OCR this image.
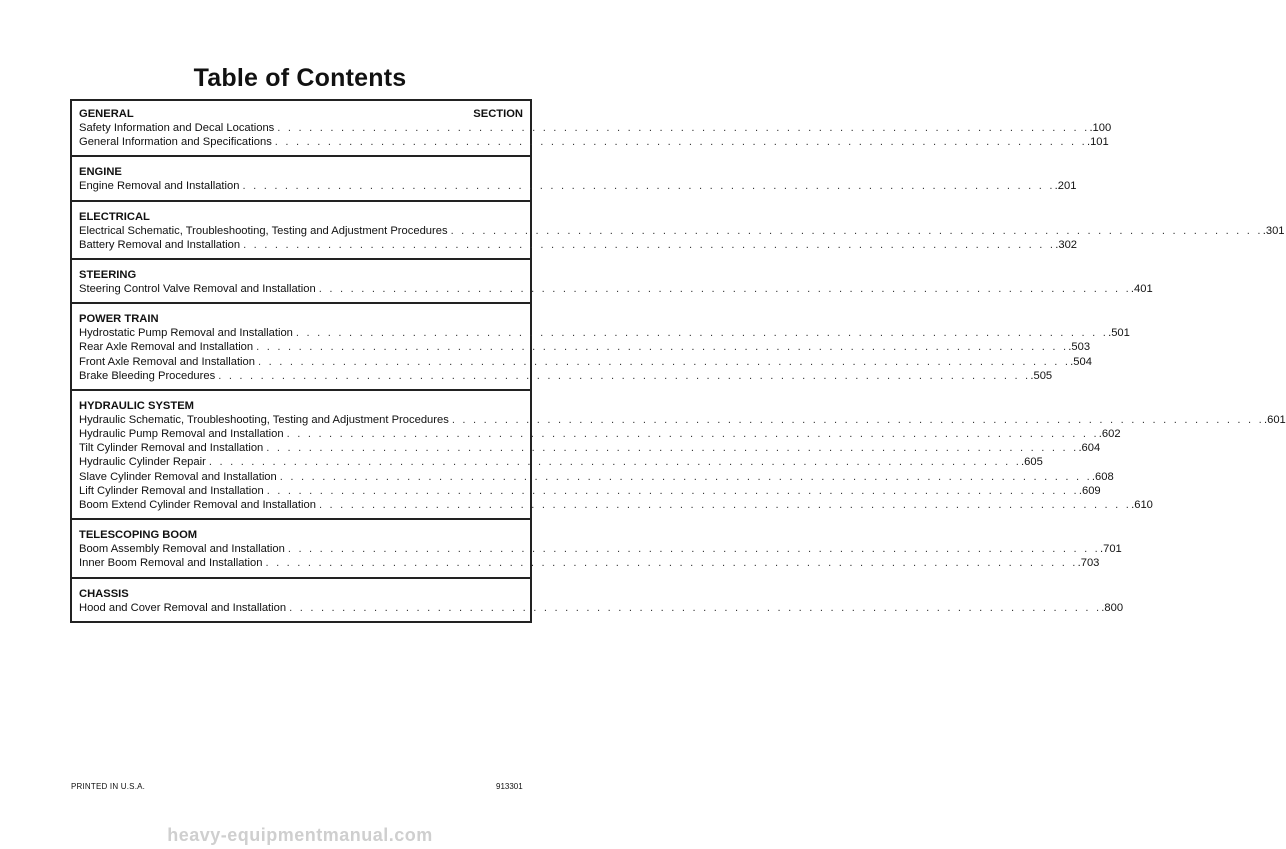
Table of Contents
GENERAL	SECTION
Safety Information and Decal Locations . . . . . . . . . . . . . . . . . . . . . . . . . . . . . . . . . . . . . . . . . . . . . . . . . . . . . . . . . . . . . . . . . . . . . . . . . . . . . .100
General Information and Specifications . . . . . . . . . . . . . . . . . . . . . . . . . . . . . . . . . . . . . . . . . . . . . . . . . . . . . . . . . . . . . . . . . . . . . . . . . . . . . .101
ENGINE
Engine Removal and Installation . . . . . . . . . . . . . . . . . . . . . . . . . . . . . . . . . . . . . . . . . . . . . . . . . . . . . . . . . . . . . . . . . . . . . . . . . . . . . .201
ELECTRICAL
Electrical Schematic, Troubleshooting, Testing and Adjustment Procedures . . . . . . . . . . . . . . . . . . . . . . . . . . . . . . . . . . . . . . . . . . . . . . . . . . . . . . . . . . . . . . . . . . . . . . . . . . . . . .301
Battery Removal and Installation . . . . . . . . . . . . . . . . . . . . . . . . . . . . . . . . . . . . . . . . . . . . . . . . . . . . . . . . . . . . . . . . . . . . . . . . . . . . . .302
STEERING
Steering Control Valve Removal and Installation . . . . . . . . . . . . . . . . . . . . . . . . . . . . . . . . . . . . . . . . . . . . . . . . . . . . . . . . . . . . . . . . . . . . . . . . . . . . . .401
POWER TRAIN
Hydrostatic Pump Removal and Installation . . . . . . . . . . . . . . . . . . . . . . . . . . . . . . . . . . . . . . . . . . . . . . . . . . . . . . . . . . . . . . . . . . . . . . . . . . . . . .501
Rear Axle Removal and Installation . . . . . . . . . . . . . . . . . . . . . . . . . . . . . . . . . . . . . . . . . . . . . . . . . . . . . . . . . . . . . . . . . . . . . . . . . . . . . .503
Front Axle Removal and Installation . . . . . . . . . . . . . . . . . . . . . . . . . . . . . . . . . . . . . . . . . . . . . . . . . . . . . . . . . . . . . . . . . . . . . . . . . . . . . .504
Brake Bleeding Procedures . . . . . . . . . . . . . . . . . . . . . . . . . . . . . . . . . . . . . . . . . . . . . . . . . . . . . . . . . . . . . . . . . . . . . . . . . . . . . .505
HYDRAULIC SYSTEM
Hydraulic Schematic, Troubleshooting, Testing and Adjustment Procedures . . . . . . . . . . . . . . . . . . . . . . . . . . . . . . . . . . . . . . . . . . . . . . . . . . . . . . . . . . . . . . . . . . . . . . . . . . . . . .601
Hydraulic Pump Removal and Installation . . . . . . . . . . . . . . . . . . . . . . . . . . . . . . . . . . . . . . . . . . . . . . . . . . . . . . . . . . . . . . . . . . . . . . . . . . . . . .602
Tilt Cylinder Removal and Installation . . . . . . . . . . . . . . . . . . . . . . . . . . . . . . . . . . . . . . . . . . . . . . . . . . . . . . . . . . . . . . . . . . . . . . . . . . . . . .604
Hydraulic Cylinder Repair . . . . . . . . . . . . . . . . . . . . . . . . . . . . . . . . . . . . . . . . . . . . . . . . . . . . . . . . . . . . . . . . . . . . . . . . . . . . . .605
Slave Cylinder Removal and Installation . . . . . . . . . . . . . . . . . . . . . . . . . . . . . . . . . . . . . . . . . . . . . . . . . . . . . . . . . . . . . . . . . . . . . . . . . . . . . .608
Lift Cylinder Removal and Installation . . . . . . . . . . . . . . . . . . . . . . . . . . . . . . . . . . . . . . . . . . . . . . . . . . . . . . . . . . . . . . . . . . . . . . . . . . . . . .609
Boom Extend Cylinder Removal and Installation . . . . . . . . . . . . . . . . . . . . . . . . . . . . . . . . . . . . . . . . . . . . . . . . . . . . . . . . . . . . . . . . . . . . . . . . . . . . . .610
TELESCOPING BOOM
Boom Assembly Removal and Installation . . . . . . . . . . . . . . . . . . . . . . . . . . . . . . . . . . . . . . . . . . . . . . . . . . . . . . . . . . . . . . . . . . . . . . . . . . . . . .701
Inner Boom Removal and Installation . . . . . . . . . . . . . . . . . . . . . . . . . . . . . . . . . . . . . . . . . . . . . . . . . . . . . . . . . . . . . . . . . . . . . . . . . . . . . .703
CHASSIS
Hood and Cover Removal and Installation . . . . . . . . . . . . . . . . . . . . . . . . . . . . . . . . . . . . . . . . . . . . . . . . . . . . . . . . . . . . . . . . . . . . . . . . . . . . . .800
PRINTED IN U.S.A.	913301
heavy-equipmentmanual.com
